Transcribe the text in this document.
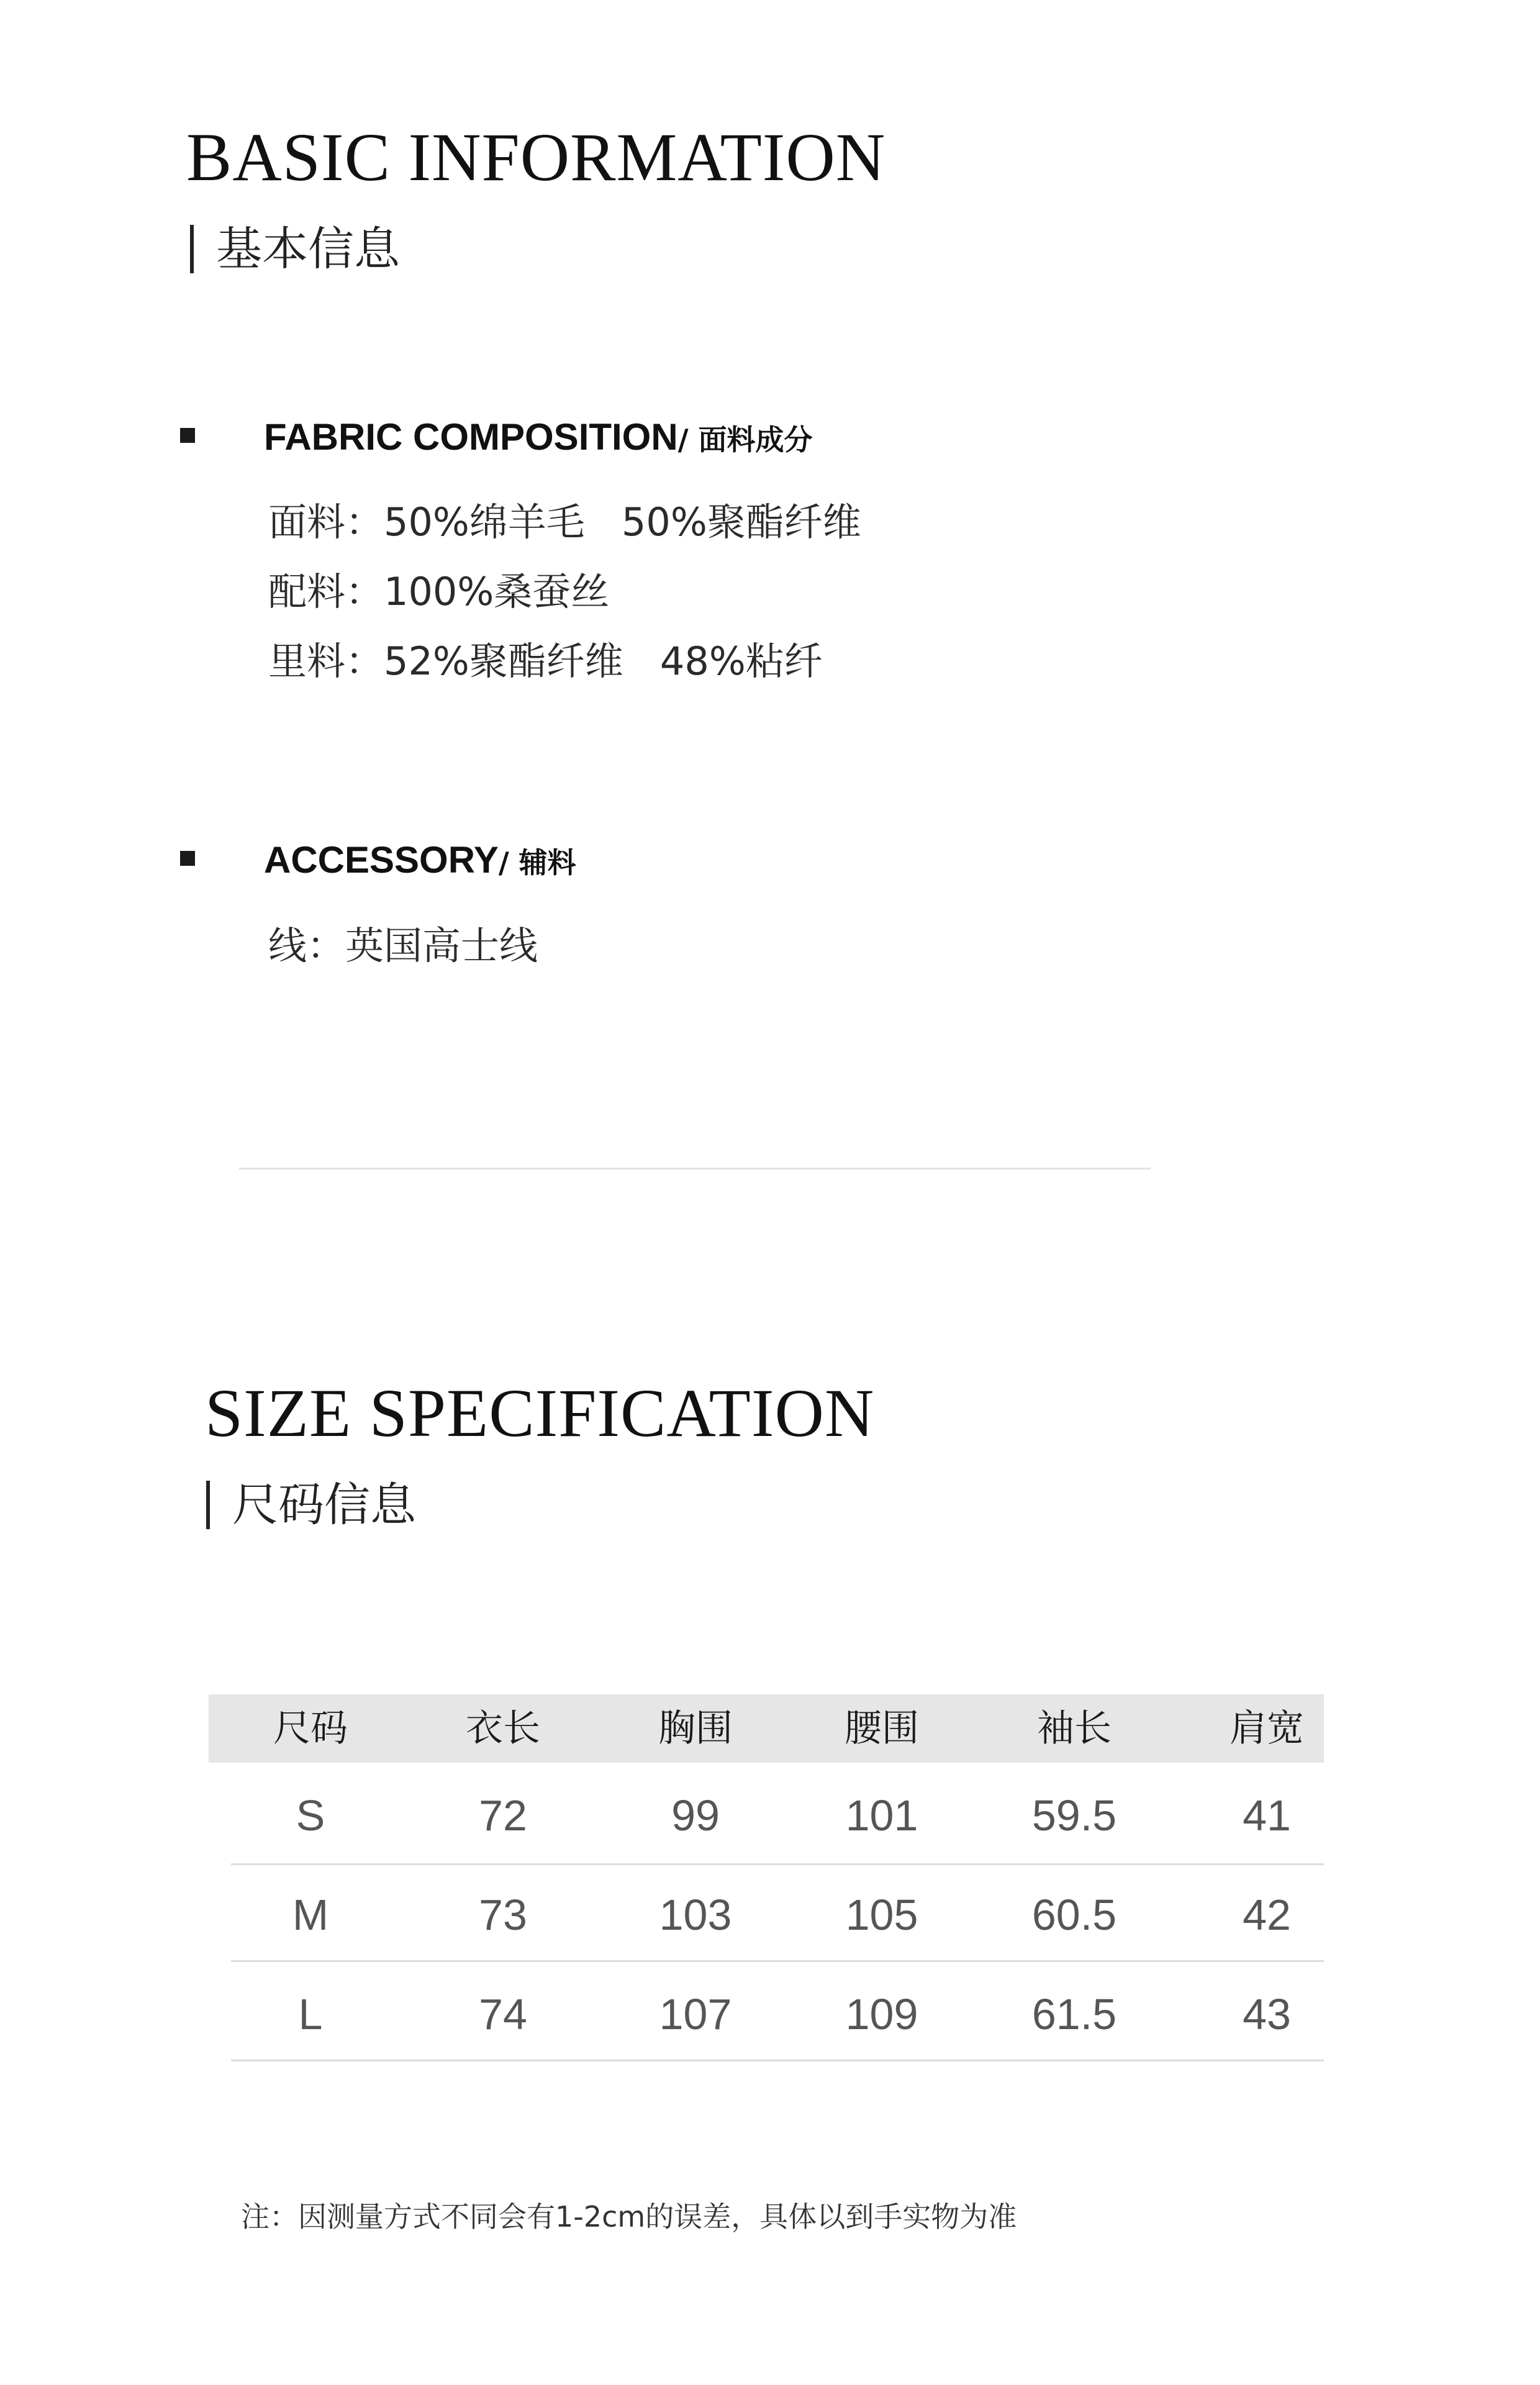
BASIC INFORMATION
基本信息
FABRIC COMPOSITION / 面料成分
面料：50%绵羊毛   50%聚酯纤维
配料：100%桑蚕丝
里料：52%聚酯纤维   48%粘纤
ACCESSORY / 辅料
线：英国高士线
SIZE SPECIFICATION
尺码信息
尺码	衣长	胸围	腰围	袖长	肩宽
S	72	99	101	59.5	41
M	73	103	105	60.5	42
L	74	107	109	61.5	43
注：因测量方式不同会有1-2cm的误差，具体以到手实物为准
